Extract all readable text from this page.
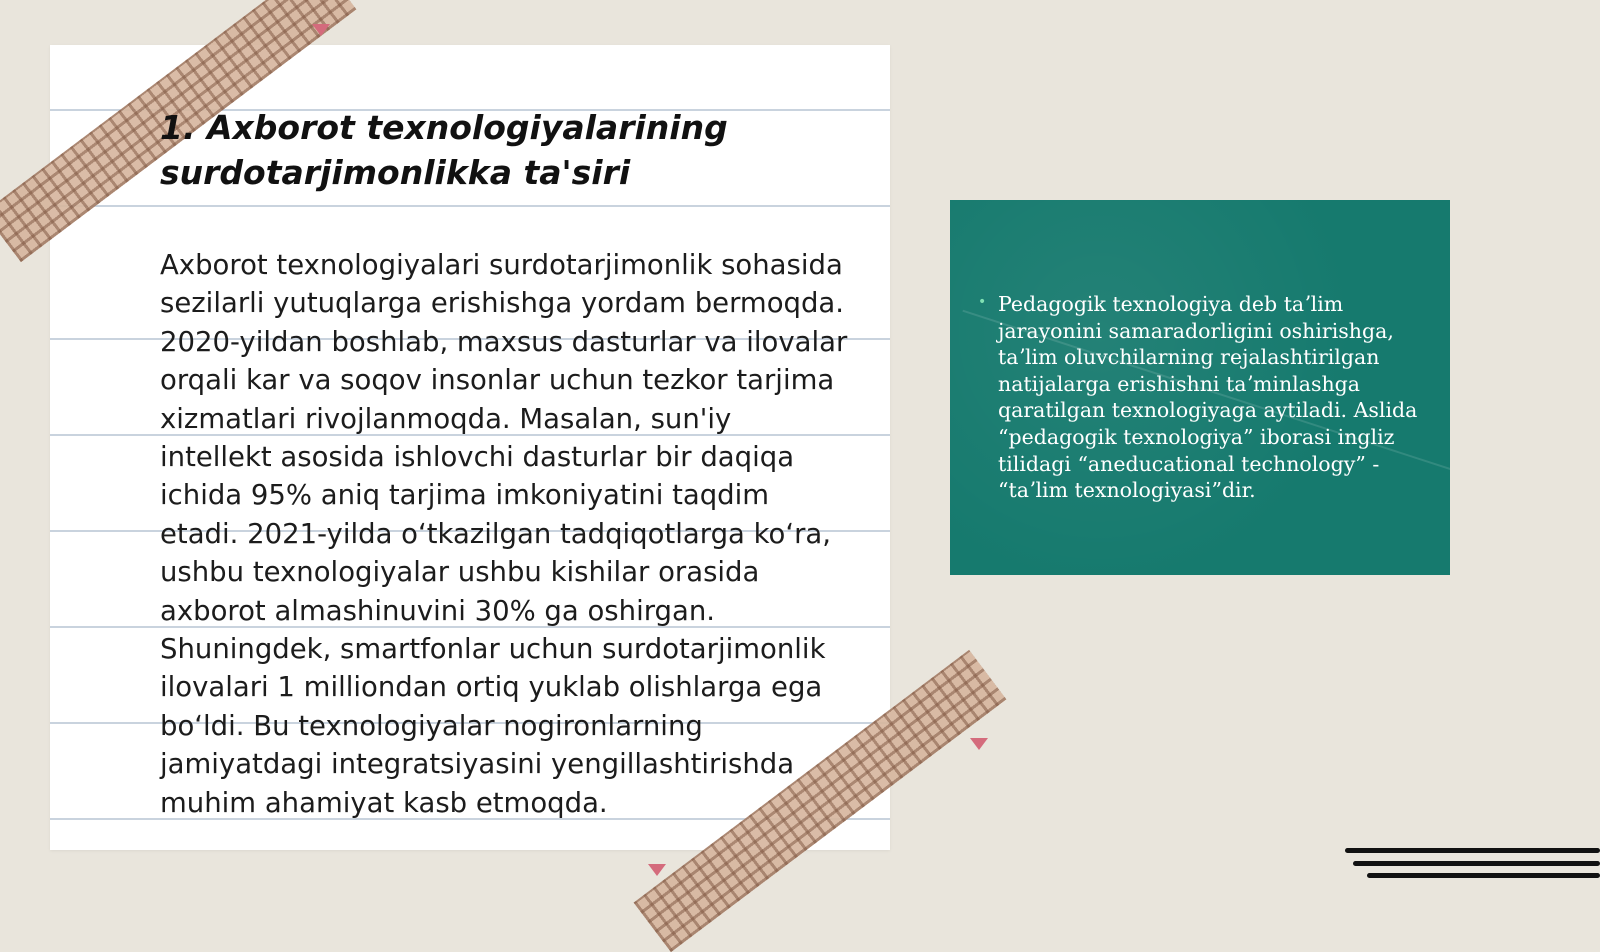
1. Axborot texnologiyalarining
surdotarjimonlikka ta'siri

Axborot texnologiyalari surdotarjimonlik sohasida sezilarli yutuqlarga erishishga yordam bermoqda. 2020-yildan boshlab, maxsus dasturlar va ilovalar orqali kar va soqov insonlar uchun tezkor tarjima xizmatlari rivojlanmoqda. Masalan, sun'iy intellekt asosida ishlovchi dasturlar bir daqiqa ichida 95% aniq tarjima imkoniyatini taqdim etadi. 2021-yilda oʻtkazilgan tadqiqotlarga koʻra, ushbu texnologiyalar ushbu kishilar orasida axborot almashinuvini 30% ga oshirgan. Shuningdek, smartfonlar uchun surdotarjimonlik ilovalari 1 milliondan ortiq yuklab olishlarga ega boʻldi. Bu texnologiyalar nogironlarning jamiyatdagi integratsiyasini yengillashtirishda muhim ahamiyat kasb etmoqda.

• Pedagogik texnologiya deb taʼlim jarayonini samaradorligini oshirishga, taʼlim oluvchilarning rejalashtirilgan natijalarga erishishni taʼminlashga qaratilgan texnologiyaga aytiladi. Aslida “pedagogik texnologiya” iborasi ingliz tilidagi “aneducational technology” - “taʼlim texnologiyasi”dir.
